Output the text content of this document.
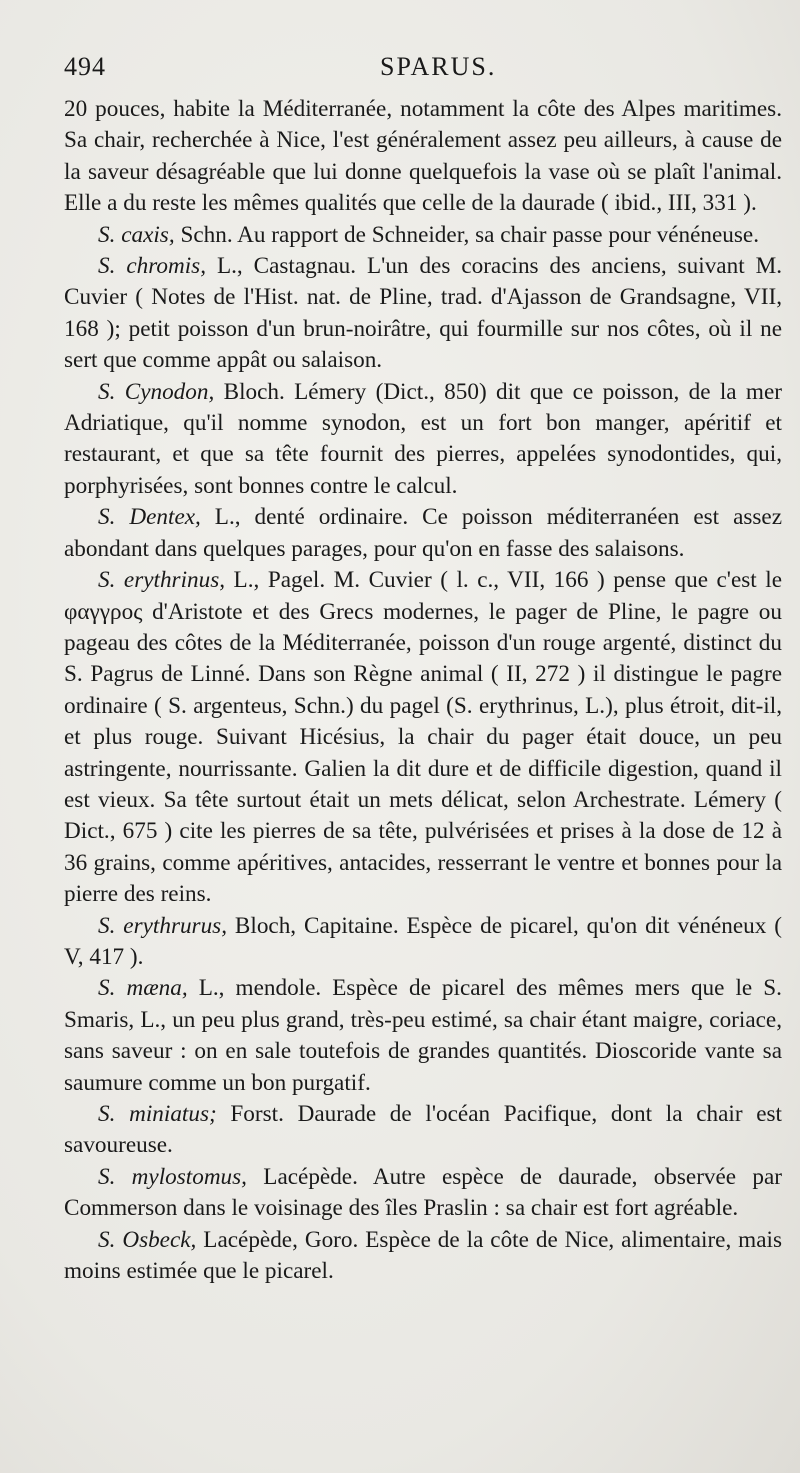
494	SPARUS.

20 pouces, habite la Méditerranée, notamment la côte des Alpes maritimes. Sa chair, recherchée à Nice, l'est généralement assez peu ailleurs, à cause de la saveur désagréable que lui donne quelquefois la vase où se plaît l'animal. Elle a du reste les mêmes qualités que celle de la daurade ( ibid., III, 331 ).

S. caxis, Schn. Au rapport de Schneider, sa chair passe pour vénéneuse.

S. chromis, L., Castagnau. L'un des coracins des anciens, suivant M. Cuvier ( Notes de l'Hist. nat. de Pline, trad. d'Ajasson de Grandsagne, VII, 168 ); petit poisson d'un brun-noirâtre, qui fourmille sur nos côtes, où il ne sert que comme appât ou salaison.

S. Cynodon, Bloch. Lémery (Dict., 850) dit que ce poisson, de la mer Adriatique, qu'il nomme synodon, est un fort bon manger, apéritif et restaurant, et que sa tête fournit des pierres, appelées synodontides, qui, porphyrisées, sont bonnes contre le calcul.

S. Dentex, L., denté ordinaire. Ce poisson méditerranéen est assez abondant dans quelques parages, pour qu'on en fasse des salaisons.

S. erythrinus, L., Pagel. M. Cuvier ( l. c., VII, 166 ) pense que c'est le φαγγρος d'Aristote et des Grecs modernes, le pager de Pline, le pagre ou pageau des côtes de la Méditerranée, poisson d'un rouge argenté, distinct du S. Pagrus de Linné. Dans son Règne animal ( II, 272 ) il distingue le pagre ordinaire ( S. argenteus, Schn.) du pagel (S. erythrinus, L.), plus étroit, dit-il, et plus rouge. Suivant Hicésius, la chair du pager était douce, un peu astringente, nourrissante. Galien la dit dure et de difficile digestion, quand il est vieux. Sa tête surtout était un mets délicat, selon Archestrate. Lémery ( Dict., 675 ) cite les pierres de sa tête, pulvérisées et prises à la dose de 12 à 36 grains, comme apéritives, antacides, resserrant le ventre et bonnes pour la pierre des reins.

S. erythrurus, Bloch, Capitaine. Espèce de picarel, qu'on dit vénéneux ( V, 417 ).

S. mæna, L., mendole. Espèce de picarel des mêmes mers que le S. Smaris, L., un peu plus grand, très-peu estimé, sa chair étant maigre, coriace, sans saveur : on en sale toutefois de grandes quantités. Dioscoride vante sa saumure comme un bon purgatif.

S. miniatus; Forst. Daurade de l'océan Pacifique, dont la chair est savoureuse.

S. mylostomus, Lacépède. Autre espèce de daurade, observée par Commerson dans le voisinage des îles Praslin : sa chair est fort agréable.

S. Osbeck, Lacépède, Goro. Espèce de la côte de Nice, alimentaire, mais moins estimée que le picarel.
